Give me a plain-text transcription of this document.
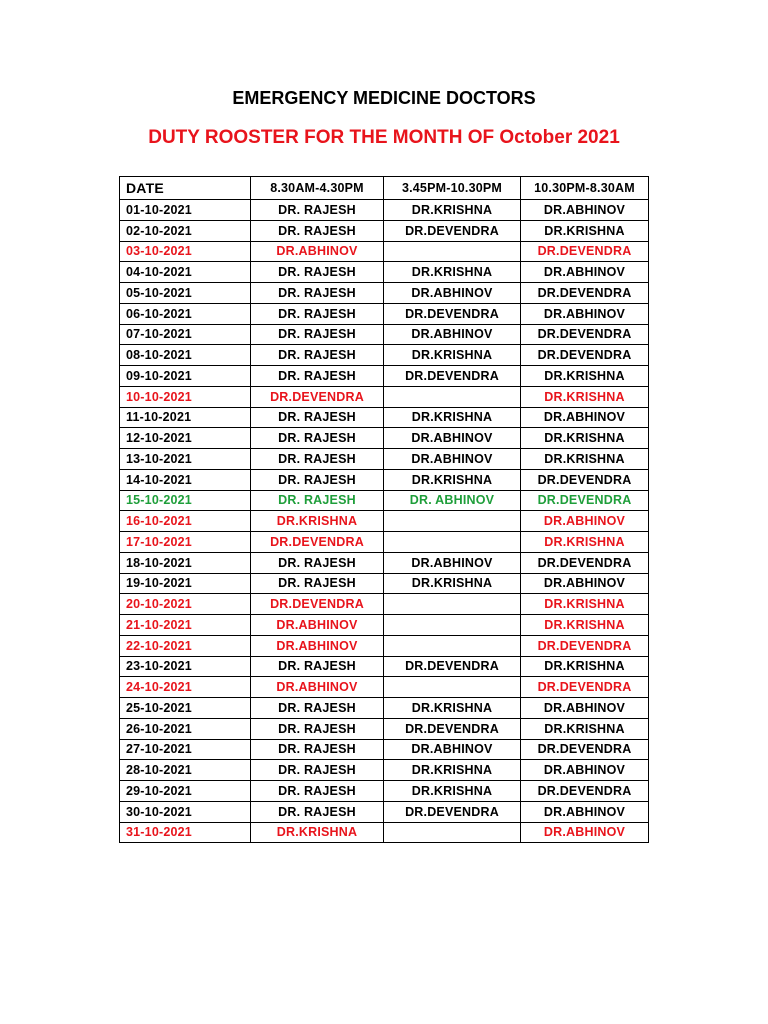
EMERGENCY MEDICINE DOCTORS
DUTY ROOSTER FOR THE MONTH OF October 2021
DATE	8.30AM-4.30PM	3.45PM-10.30PM	10.30PM-8.30AM
01-10-2021	DR. RAJESH	DR.KRISHNA	DR.ABHINOV
02-10-2021	DR. RAJESH	DR.DEVENDRA	DR.KRISHNA
03-10-2021	DR.ABHINOV		DR.DEVENDRA
04-10-2021	DR. RAJESH	DR.KRISHNA	DR.ABHINOV
05-10-2021	DR. RAJESH	DR.ABHINOV	DR.DEVENDRA
06-10-2021	DR. RAJESH	DR.DEVENDRA	DR.ABHINOV
07-10-2021	DR. RAJESH	DR.ABHINOV	DR.DEVENDRA
08-10-2021	DR. RAJESH	DR.KRISHNA	DR.DEVENDRA
09-10-2021	DR. RAJESH	DR.DEVENDRA	DR.KRISHNA
10-10-2021	DR.DEVENDRA		DR.KRISHNA
11-10-2021	DR. RAJESH	DR.KRISHNA	DR.ABHINOV
12-10-2021	DR. RAJESH	DR.ABHINOV	DR.KRISHNA
13-10-2021	DR. RAJESH	DR.ABHINOV	DR.KRISHNA
14-10-2021	DR. RAJESH	DR.KRISHNA	DR.DEVENDRA
15-10-2021	DR. RAJESH	DR. ABHINOV	DR.DEVENDRA
16-10-2021	DR.KRISHNA		DR.ABHINOV
17-10-2021	DR.DEVENDRA		DR.KRISHNA
18-10-2021	DR. RAJESH	DR.ABHINOV	DR.DEVENDRA
19-10-2021	DR. RAJESH	DR.KRISHNA	DR.ABHINOV
20-10-2021	DR.DEVENDRA		DR.KRISHNA
21-10-2021	DR.ABHINOV		DR.KRISHNA
22-10-2021	DR.ABHINOV		DR.DEVENDRA
23-10-2021	DR. RAJESH	DR.DEVENDRA	DR.KRISHNA
24-10-2021	DR.ABHINOV		DR.DEVENDRA
25-10-2021	DR. RAJESH	DR.KRISHNA	DR.ABHINOV
26-10-2021	DR. RAJESH	DR.DEVENDRA	DR.KRISHNA
27-10-2021	DR. RAJESH	DR.ABHINOV	DR.DEVENDRA
28-10-2021	DR. RAJESH	DR.KRISHNA	DR.ABHINOV
29-10-2021	DR. RAJESH	DR.KRISHNA	DR.DEVENDRA
30-10-2021	DR. RAJESH	DR.DEVENDRA	DR.ABHINOV
31-10-2021	DR.KRISHNA		DR.ABHINOV
